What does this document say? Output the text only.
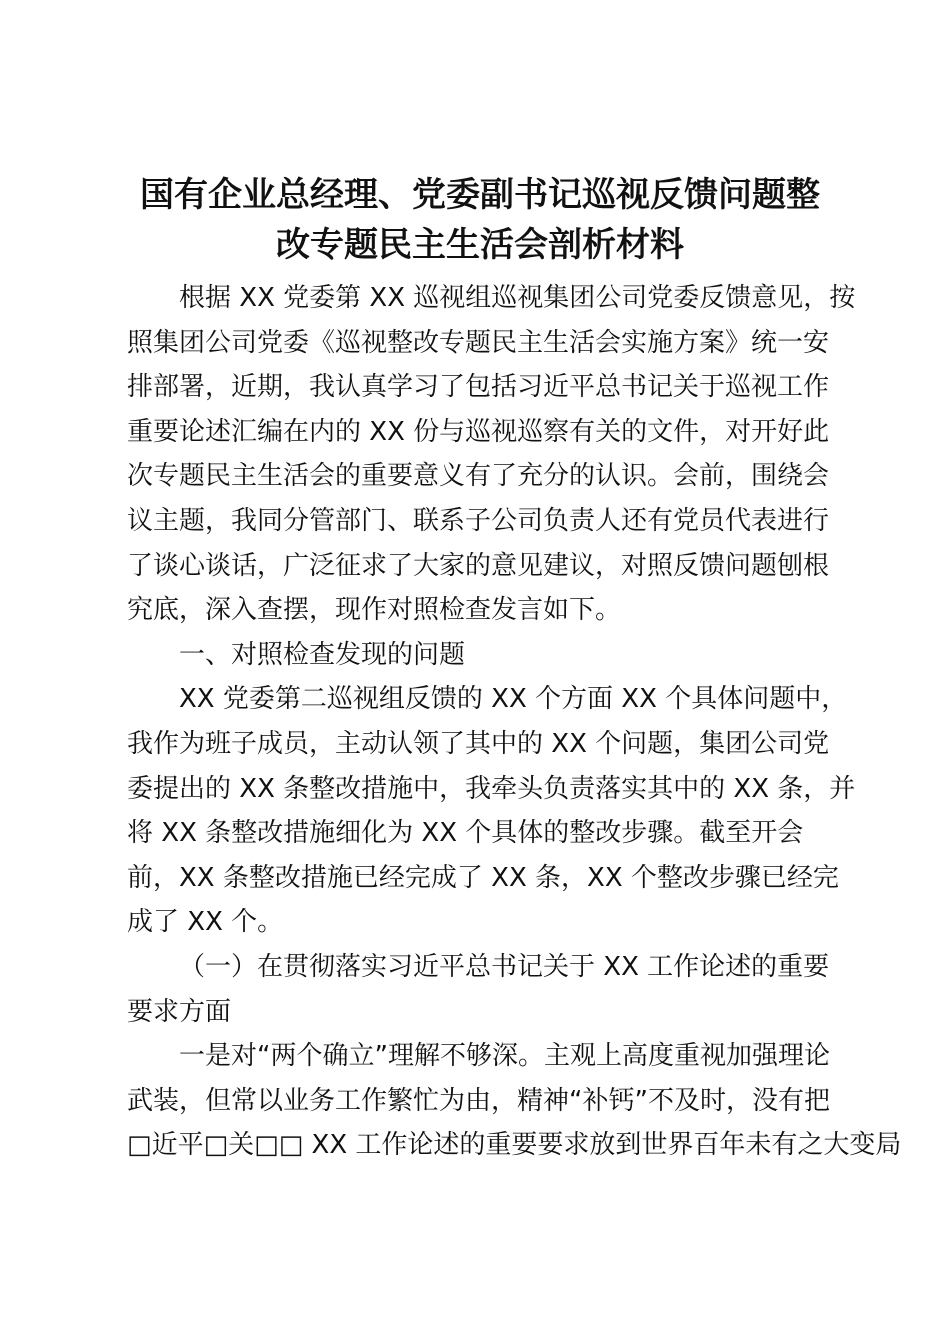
国有企业总经理、党委副书记巡视反馈问题整
改专题民主生活会剖析材料
根据 XX 党委第 XX 巡视组巡视集团公司党委反馈意见，按
照集团公司党委《巡视整改专题民主生活会实施方案》统一安
排部署，近期，我认真学习了包括习近平总书记关于巡视工作
重要论述汇编在内的 XX 份与巡视巡察有关的文件，对开好此
次专题民主生活会的重要意义有了充分的认识。会前，围绕会
议主题，我同分管部门、联系子公司负责人还有党员代表进行
了谈心谈话，广泛征求了大家的意见建议，对照反馈问题刨根
究底，深入查摆，现作对照检查发言如下。
一、对照检查发现的问题
XX 党委第二巡视组反馈的 XX 个方面 XX 个具体问题中，
我作为班子成员，主动认领了其中的 XX 个问题，集团公司党
委提出的 XX 条整改措施中，我牵头负责落实其中的 XX 条，并
将 XX 条整改措施细化为 XX 个具体的整改步骤。截至开会
前，XX 条整改措施已经完成了 XX 条，XX 个整改步骤已经完
成了 XX 个。
（一）在贯彻落实习近平总书记关于 XX 工作论述的重要
要求方面
一是对“两个确立”理解不够深。主观上高度重视加强理论
武装，但常以业务工作繁忙为由，精神“补钙”不及时，没有把
□近平□关□□ XX 工作论述的重要要求放到世界百年未有之大变局
